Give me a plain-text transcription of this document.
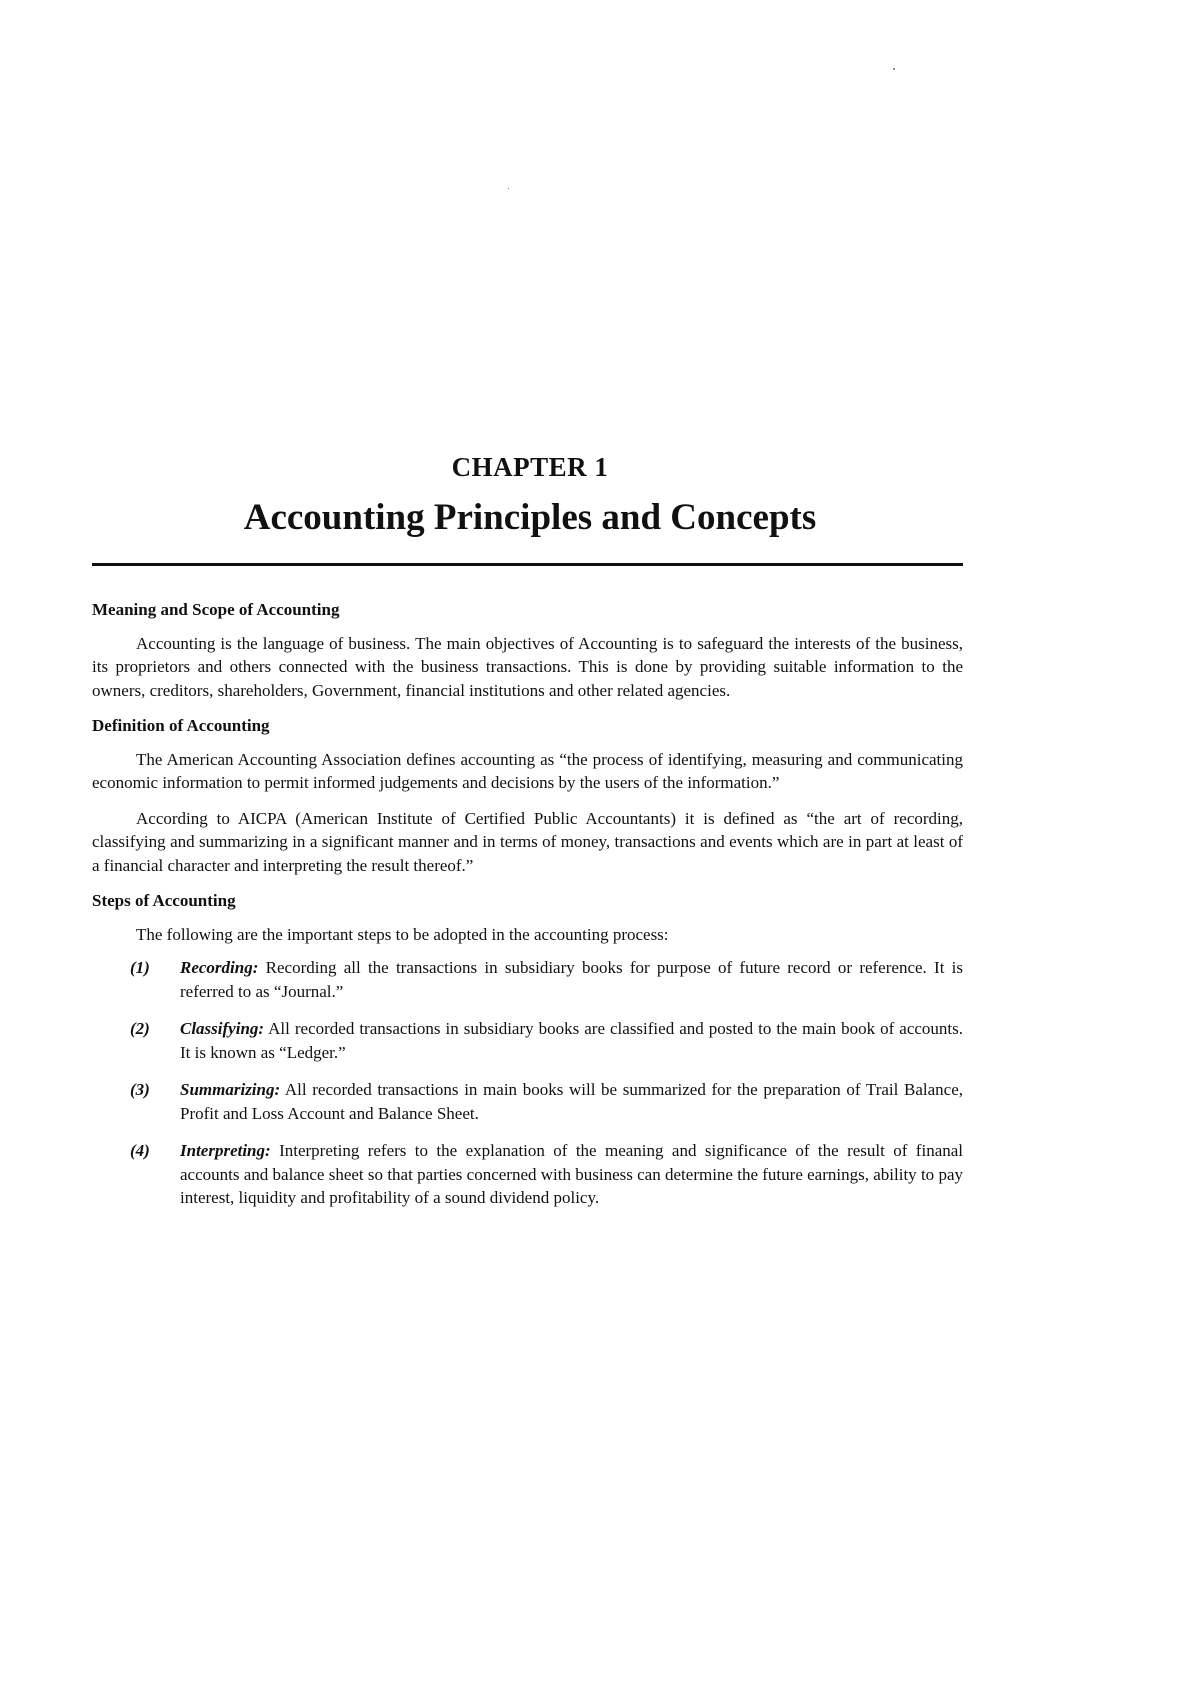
CHAPTER 1
Accounting Principles and Concepts
Meaning and Scope of Accounting

Accounting is the language of business. The main objectives of Accounting is to safeguard the interests of the business, its proprietors and others connected with the business transactions. This is done by providing suitable information to the owners, creditors, shareholders, Government, financial institutions and other related agencies.

Definition of Accounting

The American Accounting Association defines accounting as “the process of identifying, measuring and communicating economic information to permit informed judgements and decisions by the users of the information.”

According to AICPA (American Institute of Certified Public Accountants) it is defined as “the art of recording, classifying and summarizing in a significant manner and in terms of money, transactions and events which are in part at least of a financial character and interpreting the result thereof.”

Steps of Accounting

The following are the important steps to be adopted in the accounting process:

(1)	Recording: Recording all the transactions in subsidiary books for purpose of future record or reference. It is referred to as “Journal.”
(2)	Classifying: All recorded transactions in subsidiary books are classified and posted to the main book of accounts. It is known as “Ledger.”
(3)	Summarizing: All recorded transactions in main books will be summarized for the preparation of Trail Balance, Profit and Loss Account and Balance Sheet.
(4)	Interpreting: Interpreting refers to the explanation of the meaning and significance of the result of finanal accounts and balance sheet so that parties concerned with business can determine the future earnings, ability to pay interest, liquidity and profitability of a sound dividend policy.
